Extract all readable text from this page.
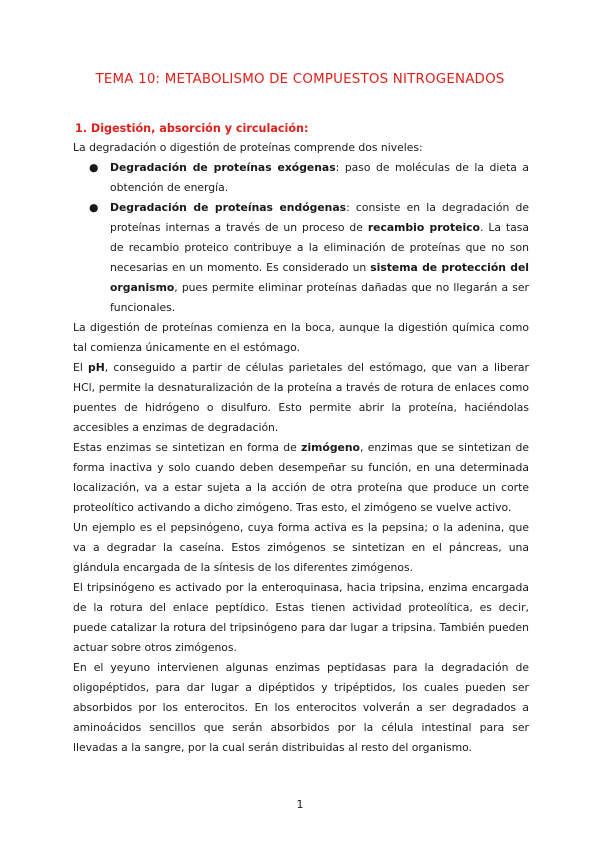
TEMA 10: METABOLISMO DE COMPUESTOS NITROGENADOS
1. Digestión, absorción y circulación:

La degradación o digestión de proteínas comprende dos niveles:

● Degradación de proteínas exógenas: paso de moléculas de la dieta a obtención de energía.
● Degradación de proteínas endógenas: consiste en la degradación de proteínas internas a través de un proceso de recambio proteico. La tasa de recambio proteico contribuye a la eliminación de proteínas que no son necesarias en un momento. Es considerado un sistema de protección del organismo, pues permite eliminar proteínas dañadas que no llegarán a ser funcionales.

La digestión de proteínas comienza en la boca, aunque la digestión química como tal comienza únicamente en el estómago.

El pH, conseguido a partir de células parietales del estómago, que van a liberar HCl, permite la desnaturalización de la proteína a través de rotura de enlaces como puentes de hidrógeno o disulfuro. Esto permite abrir la proteína, haciéndolas accesibles a enzimas de degradación.

Estas enzimas se sintetizan en forma de zimógeno, enzimas que se sintetizan de forma inactiva y solo cuando deben desempeñar su función, en una determinada localización, va a estar sujeta a la acción de otra proteína que produce un corte proteolítico activando a dicho zimógeno. Tras esto, el zimógeno se vuelve activo.

Un ejemplo es el pepsinógeno, cuya forma activa es la pepsina; o la adenina, que va a degradar la caseína. Estos zimógenos se sintetizan en el páncreas, una glándula encargada de la síntesis de los diferentes zimógenos.

El tripsinógeno es activado por la enteroquinasa, hacia tripsina, enzima encargada de la rotura del enlace peptídico. Estas tienen actividad proteolítica, es decir, puede catalizar la rotura del tripsinógeno para dar lugar a tripsina. También pueden actuar sobre otros zimógenos.

En el yeyuno intervienen algunas enzimas peptidasas para la degradación de oligopéptidos, para dar lugar a dipéptidos y tripéptidos, los cuales pueden ser absorbidos por los enterocitos. En los enterocitos volverán a ser degradados a aminoácidos sencillos que serán absorbidos por la célula intestinal para ser llevadas a la sangre, por la cual serán distribuidas al resto del organismo.

1
